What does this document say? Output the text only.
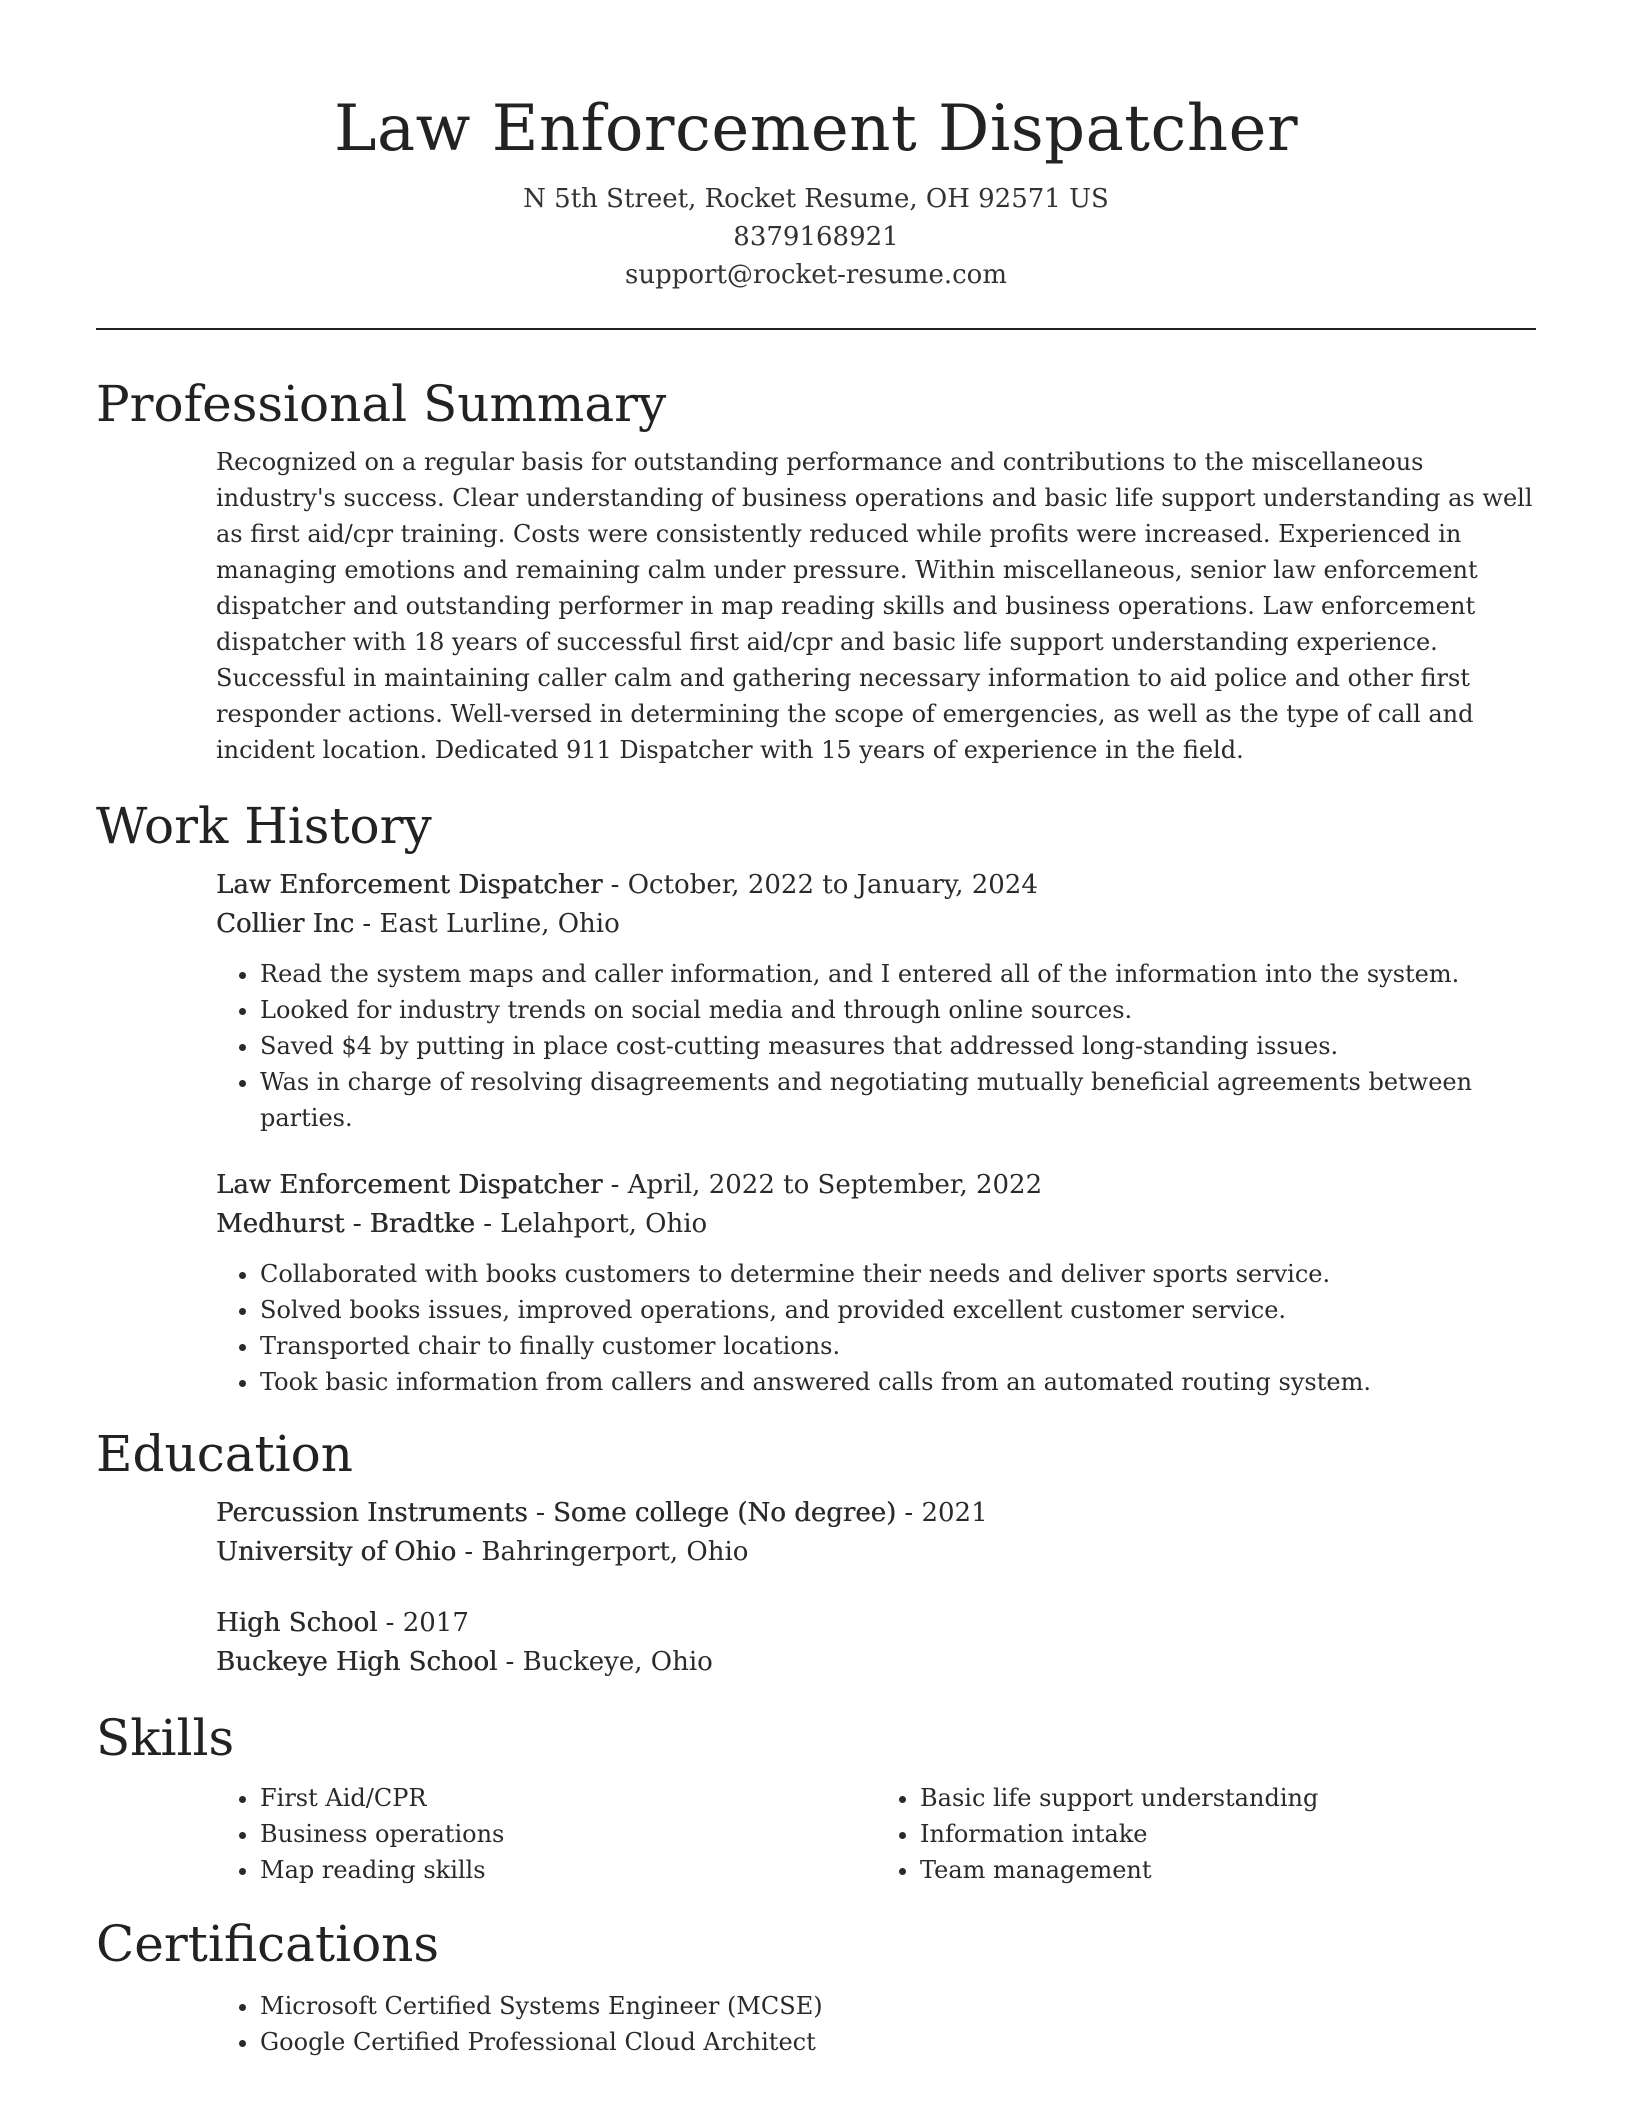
Law Enforcement Dispatcher
N 5th Street, Rocket Resume, OH 92571 US
8379168921
support@rocket-resume.com
Professional Summary

Recognized on a regular basis for outstanding performance and contributions to the miscellaneous industry's success. Clear understanding of business operations and basic life support understanding as well as first aid/cpr training. Costs were consistently reduced while profits were increased. Experienced in managing emotions and remaining calm under pressure. Within miscellaneous, senior law enforcement dispatcher and outstanding performer in map reading skills and business operations. Law enforcement dispatcher with 18 years of successful first aid/cpr and basic life support understanding experience. Successful in maintaining caller calm and gathering necessary information to aid police and other first responder actions. Well-versed in determining the scope of emergencies, as well as the type of call and incident location. Dedicated 911 Dispatcher with 15 years of experience in the field.

Work History
Law Enforcement Dispatcher - October, 2022 to January, 2024
Collier Inc - East Lurline, Ohio
• Read the system maps and caller information, and I entered all of the information into the system.
• Looked for industry trends on social media and through online sources.
• Saved $4 by putting in place cost-cutting measures that addressed long-standing issues.
• Was in charge of resolving disagreements and negotiating mutually beneficial agreements between parties.
Law Enforcement Dispatcher - April, 2022 to September, 2022
Medhurst - Bradtke - Lelahport, Ohio
• Collaborated with books customers to determine their needs and deliver sports service.
• Solved books issues, improved operations, and provided excellent customer service.
• Transported chair to finally customer locations.
• Took basic information from callers and answered calls from an automated routing system.
Education
Percussion Instruments - Some college (No degree) - 2021
University of Ohio - Bahringerport, Ohio
High School - 2017
Buckeye High School - Buckeye, Ohio
Skills
• First Aid/CPR
• Business operations
• Map reading skills
• Basic life support understanding
• Information intake
• Team management
Certifications
• Microsoft Certified Systems Engineer (MCSE)
• Google Certified Professional Cloud Architect
